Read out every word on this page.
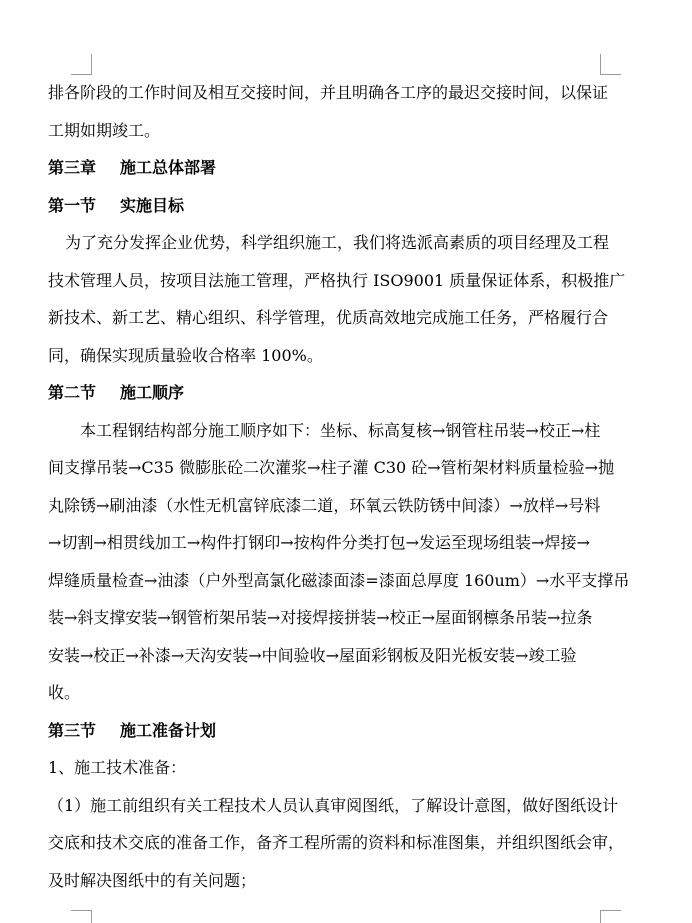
排各阶段的工作时间及相互交接时间，并且明确各工序的最迟交接时间，以保证
工期如期竣工。
第三章 施工总体部署
第一节 实施目标
为了充分发挥企业优势，科学组织施工，我们将选派高素质的项目经理及工程
技术管理人员，按项目法施工管理，严格执行 ISO9001 质量保证体系，积极推广
新技术、新工艺、精心组织、科学管理，优质高效地完成施工任务，严格履行合
同，确保实现质量验收合格率 100%。
第二节 施工顺序
本工程钢结构部分施工顺序如下：坐标、标高复核→钢管柱吊装→校正→柱
间支撑吊装→C35 微膨胀砼二次灌浆→柱子灌 C30 砼→管桁架材料质量检验→抛
丸除锈→刷油漆（水性无机富锌底漆二道，环氧云铁防锈中间漆）→放样→号料
→切割→相贯线加工→构件打钢印→按构件分类打包→发运至现场组装→焊接→
焊缝质量检查→油漆（户外型高氯化磁漆面漆=漆面总厚度 160um）→水平支撑吊
装→斜支撑安装→钢管桁架吊装→对接焊接拼装→校正→屋面钢檩条吊装→拉条
安装→校正→补漆→天沟安装→中间验收→屋面彩钢板及阳光板安装→竣工验
收。
第三节 施工准备计划
1、施工技术准备：
（1）施工前组织有关工程技术人员认真审阅图纸，了解设计意图，做好图纸设计
交底和技术交底的准备工作，备齐工程所需的资料和标准图集，并组织图纸会审，
及时解决图纸中的有关问题；
